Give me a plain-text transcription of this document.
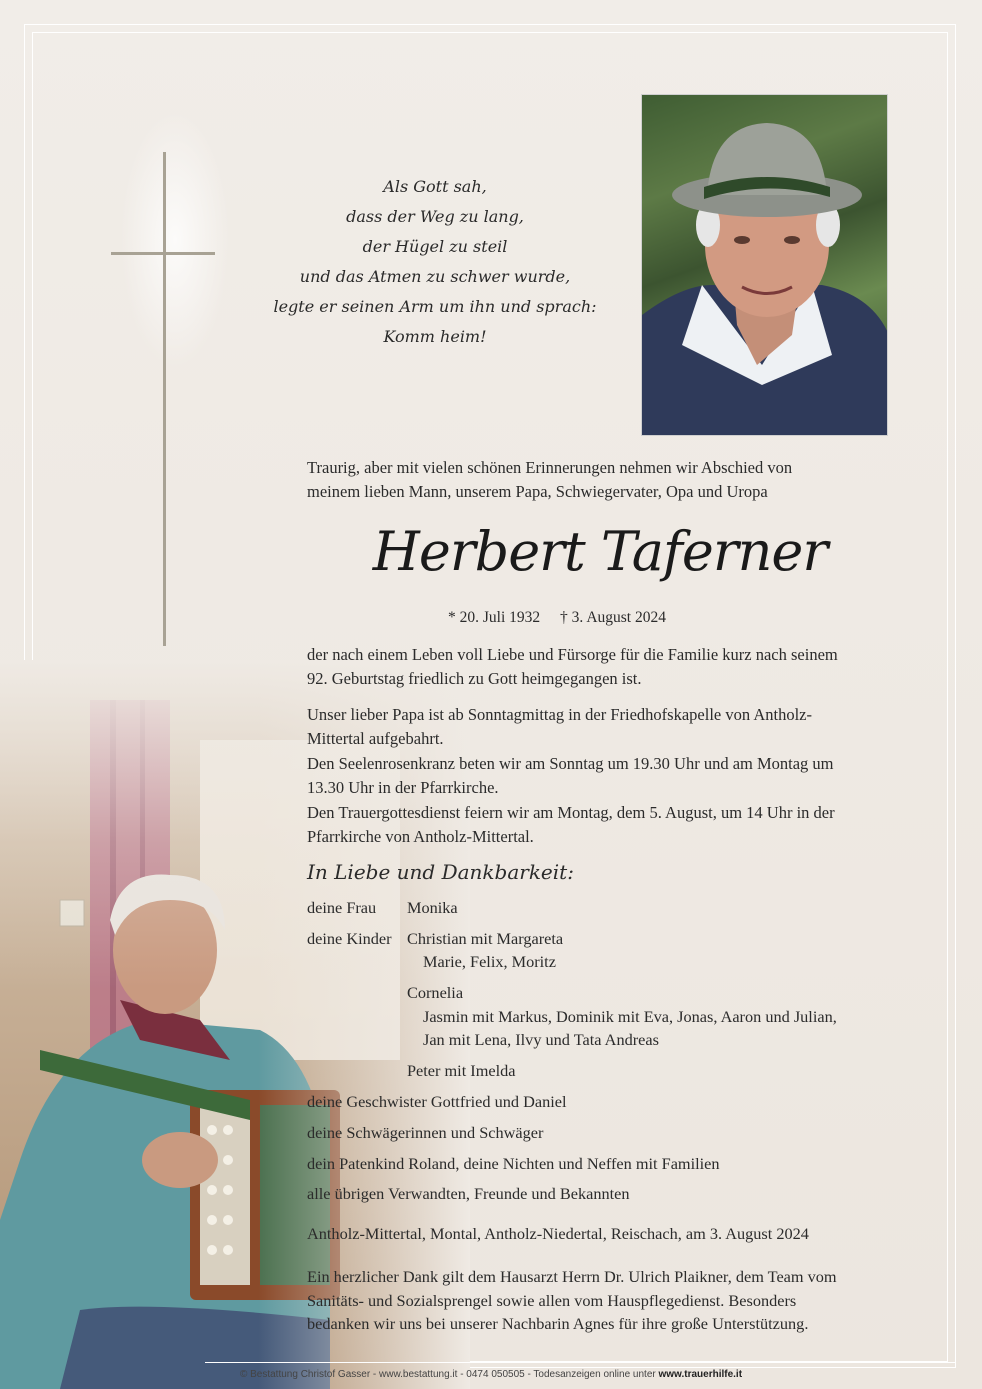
Als Gott sah,
dass der Weg zu lang,
der Hügel zu steil
und das Atmen zu schwer wurde,
legte er seinen Arm um ihn und sprach:
Komm heim!
Traurig, aber mit vielen schönen Erinnerungen nehmen wir Abschied von
meinem lieben Mann, unserem Papa, Schwiegervater, Opa und Uropa
Herbert Taferner
* 20. Juli 1932 † 3. August 2024
der nach einem Leben voll Liebe und Fürsorge für die Familie kurz nach seinem
92. Geburtstag friedlich zu Gott heimgegangen ist.
Unser lieber Papa ist ab Sonntagmittag in der Friedhofskapelle von Antholz-
Mittertal aufgebahrt.
Den Seelenrosenkranz beten wir am Sonntag um 19.30 Uhr und am Montag um
13.30 Uhr in der Pfarrkirche.
Den Trauergottesdienst feiern wir am Montag, dem 5. August, um 14 Uhr in der
Pfarrkirche von Antholz-Mittertal.
In Liebe und Dankbarkeit:
deine Frau Monika
deine Kinder Christian mit Margareta
Marie, Felix, Moritz
Cornelia
Jasmin mit Markus, Dominik mit Eva, Jonas, Aaron und Julian,
Jan mit Lena, Ilvy und Tata Andreas
Peter mit Imelda
deine Geschwister Gottfried und Daniel
deine Schwägerinnen und Schwäger
dein Patenkind Roland, deine Nichten und Neffen mit Familien
alle übrigen Verwandten, Freunde und Bekannten
Antholz-Mittertal, Montal, Antholz-Niedertal, Reischach, am 3. August 2024
Ein herzlicher Dank gilt dem Hausarzt Herrn Dr. Ulrich Plaikner, dem Team vom
Sanitäts- und Sozialsprengel sowie allen vom Hauspflegedienst. Besonders
bedanken wir uns bei unserer Nachbarin Agnes für ihre große Unterstützung.
© Bestattung Christof Gasser - www.bestattung.it - 0474 050505 - Todesanzeigen online unter www.trauerhilfe.it
